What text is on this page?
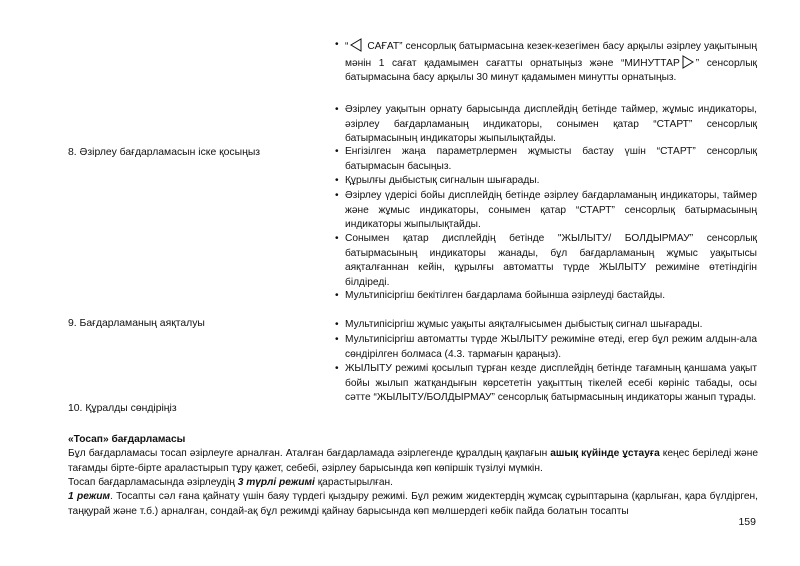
• “ САҒАТ” сенсорлық батырмасына кезек-кезегімен басу арқылы әзірлеу уақытының мәнін 1 сағат қадамымен сағатты орнатыңыз және “МИНУТТАР ” сенсорлық батырмасына басу арқылы 30 минут қадамымен минутты орнатыңыз.
8. Әзірлеу бағдарламасын іске қосыңыз
• Әзірлеу уақытын орнату барысында дисплейдің бетінде таймер, жұмыс индикаторы, әзірлеу бағдарламаның индикаторы, сонымен қатар “СТАРТ” сенсорлық батырмасының индикаторы жыпылықтайды.
• Енгізілген жаңа параметрлермен жұмысты бастау үшін “СТАРТ” сенсорлық батырмасын басыңыз.
• Құрылғы дыбыстық сигналын шығарады.
• Әзірлеу үдерісі бойы дисплейдің бетінде әзірлеу бағдарламаның индикаторы, таймер және жұмыс индикаторы, сонымен қатар “СТАРТ” сенсорлық батырмасының индикаторы жыпылықтайды.
• Сонымен қатар дисплейдің бетінде "ЖЫЛЫТУ/ БОЛДЫРМАУ” сенсорлық батырмасының индикаторы жанады, бұл бағдарламаның жұмыс уақытысы аяқталғаннан кейін, құрылғы автоматты түрде ЖЫЛЫТУ режиміне өтетіндігін білдіреді.
• Мультипісіргіш бекітілген бағдарлама бойынша әзірлеуді бастайды.
9. Бағдарламаның аяқталуы	• Мультипісіргіш жұмыс уақыты аяқталғысымен дыбыстық сигнал шығарады.
• Мультипісіргіш автоматты түрде ЖЫЛЫТУ режиміне өтеді, егер бұл режим алдын-ала сөндірілген болмаса (4.3. тармағын қараңыз).
• ЖЫЛЫТУ режимі қосылып тұрған кезде дисплейдің бетінде тағамның қаншама уақыт бойы жылып жатқандығын көрсететін уақыттың тікелей есебі көрініс табады, осы сәтте “ЖЫЛЫТУ/БОЛДЫРМАУ” сенсорлық батырмасының индикаторы жанып тұрады.
10. Құралды сөндіріңіз
«Тосап» бағдарламасы
Бұл бағдарламасы тосап әзірлеуге арналған. Аталған бағдарламада әзірлегенде құралдың қақпағын ашық күйінде ұстауға кеңес беріледі және тағамды бірте-бірте араластырып тұру қажет, себебі, әзірлеу барысында көп көпіршік түзілуі мүмкін.
Тосап бағдарламасында әзірлеудің 3 түрлі режимі қарастырылған.
1 режим. Тосапты сәл ғана қайнату үшін баяу түрдегі қыздыру режимі. Бұл режим жидектердің жұмсақ сұрыптарына (қарлыған, қара бүлдірген, таңқурай және т.б.) арналған, сондай-ақ бұл режимді қайнау барысында көп мөлшердегі көбік пайда болатын тосапты
159
